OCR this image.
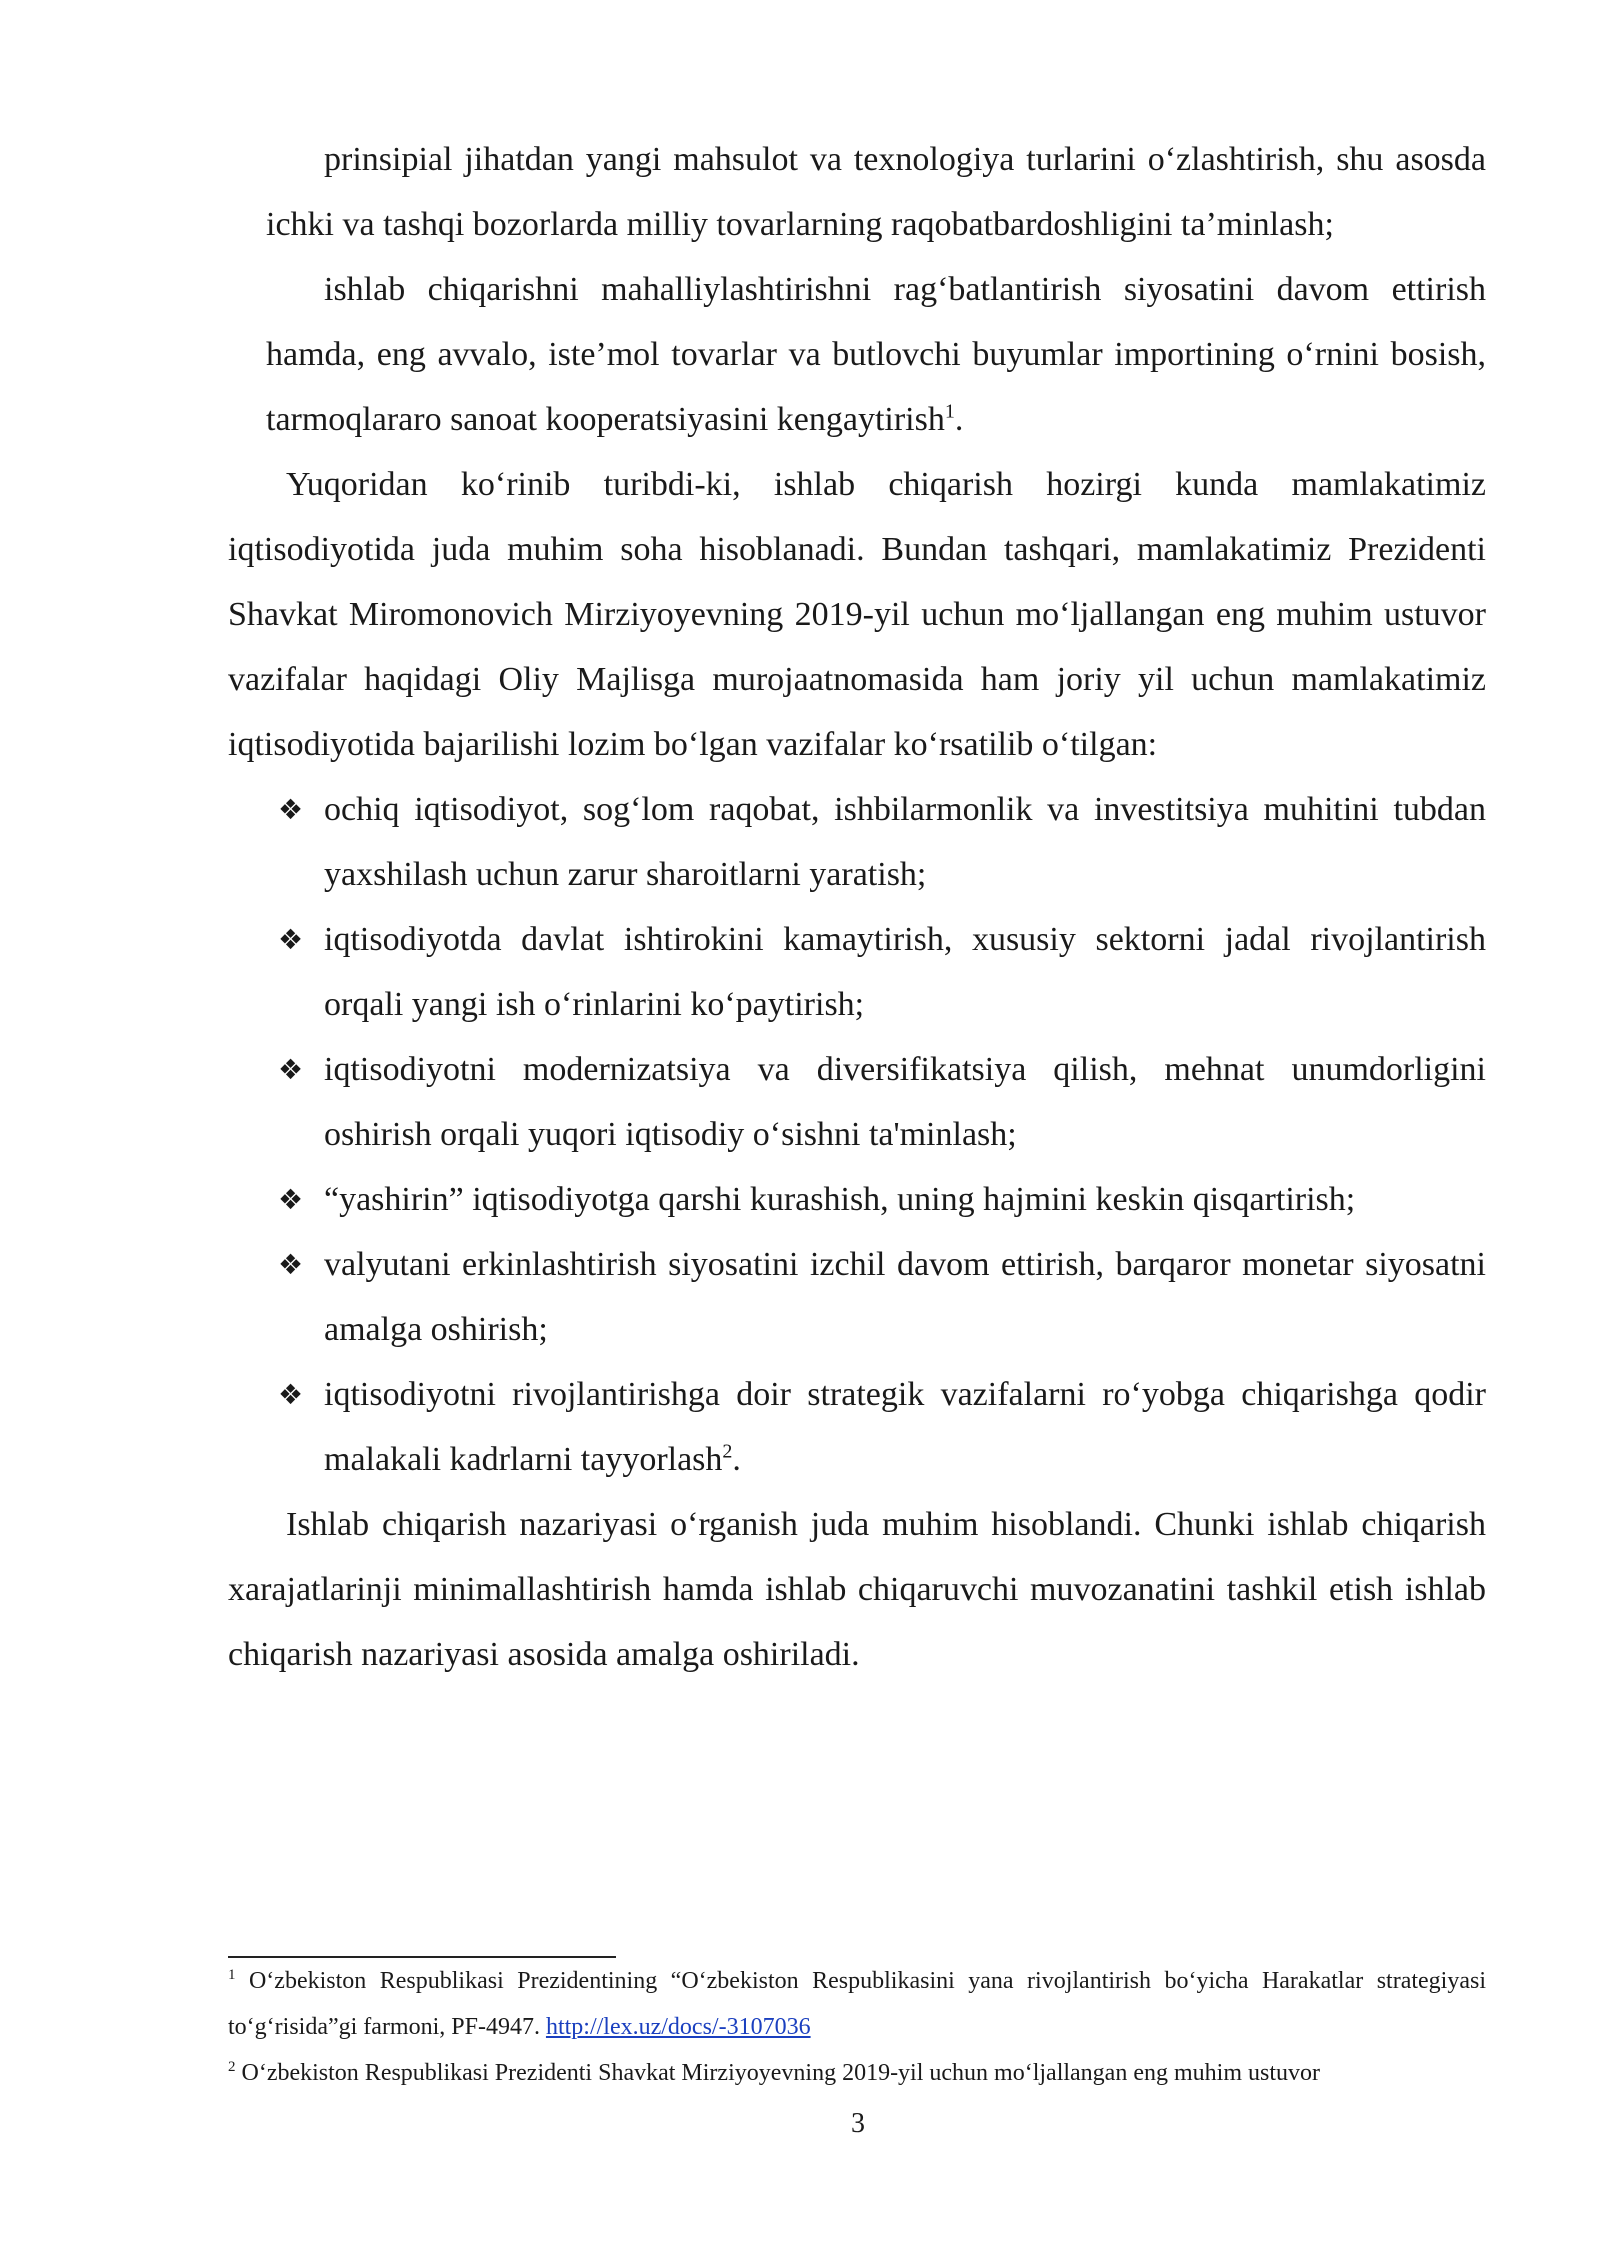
prinsipial jihatdan yangi mahsulot va texnologiya turlarini o‘zlashtirish, shu asosda ichki va tashqi bozorlarda milliy tovarlarning raqobatbardoshligini ta’minlash;

ishlab chiqarishni mahalliylashtirishni rag‘batlantirish siyosatini davom ettirish hamda, eng avvalo, iste’mol tovarlar va butlovchi buyumlar importining o‘rnini bosish, tarmoqlararo sanoat kooperatsiyasini kengaytirish$^1$.

Yuqoridan ko‘rinib turibdi-ki, ishlab chiqarish hozirgi kunda mamlakatimiz iqtisodiyotida juda muhim soha hisoblanadi. Bundan tashqari, mamlakatimiz Prezidenti Shavkat Miromonovich Mirziyoyevning 2019-yil uchun mo‘ljallangan eng muhim ustuvor vazifalar haqidagi Oliy Majlisga murojaatnomasida ham joriy yil uchun mamlakatimiz iqtisodiyotida bajarilishi lozim bo‘lgan vazifalar ko‘rsatilib o‘tilgan:

❖ ochiq iqtisodiyot, sog‘lom raqobat, ishbilarmonlik va investitsiya muhitini tubdan yaxshilash uchun zarur sharoitlarni yaratish;
❖ iqtisodiyotda davlat ishtirokini kamaytirish, xususiy sektorni jadal rivojlantirish orqali yangi ish o‘rinlarini ko‘paytirish;
❖ iqtisodiyotni modernizatsiya va diversifikatsiya qilish, mehnat unumdorligini oshirish orqali yuqori iqtisodiy o‘sishni ta'minlash;
❖ “yashirin” iqtisodiyotga qarshi kurashish, uning hajmini keskin qisqartirish;
❖ valyutani erkinlashtirish siyosatini izchil davom ettirish, barqaror monetar siyosatni amalga oshirish;
❖ iqtisodiyotni rivojlantirishga doir strategik vazifalarni ro‘yobga chiqarishga qodir malakali kadrlarni tayyorlash$^2$.

Ishlab chiqarish nazariyasi o‘rganish juda muhim hisoblandi. Chunki ishlab chiqarish xarajatlarinji minimallashtirish hamda ishlab chiqaruvchi muvozanatini tashkil etish ishlab chiqarish nazariyasi asosida amalga oshiriladi.

$^1$ O‘zbekiston Respublikasi Prezidentining “O‘zbekiston Respublikasini yana rivojlantirish bo‘yicha Harakatlar strategiyasi to‘g‘risida”gi farmoni, PF-4947. http://lex.uz/docs/-3107036

$^2$ O‘zbekiston Respublikasi Prezidenti Shavkat Mirziyoyevning 2019-yil uchun mo‘ljallangan eng muhim ustuvor

3
